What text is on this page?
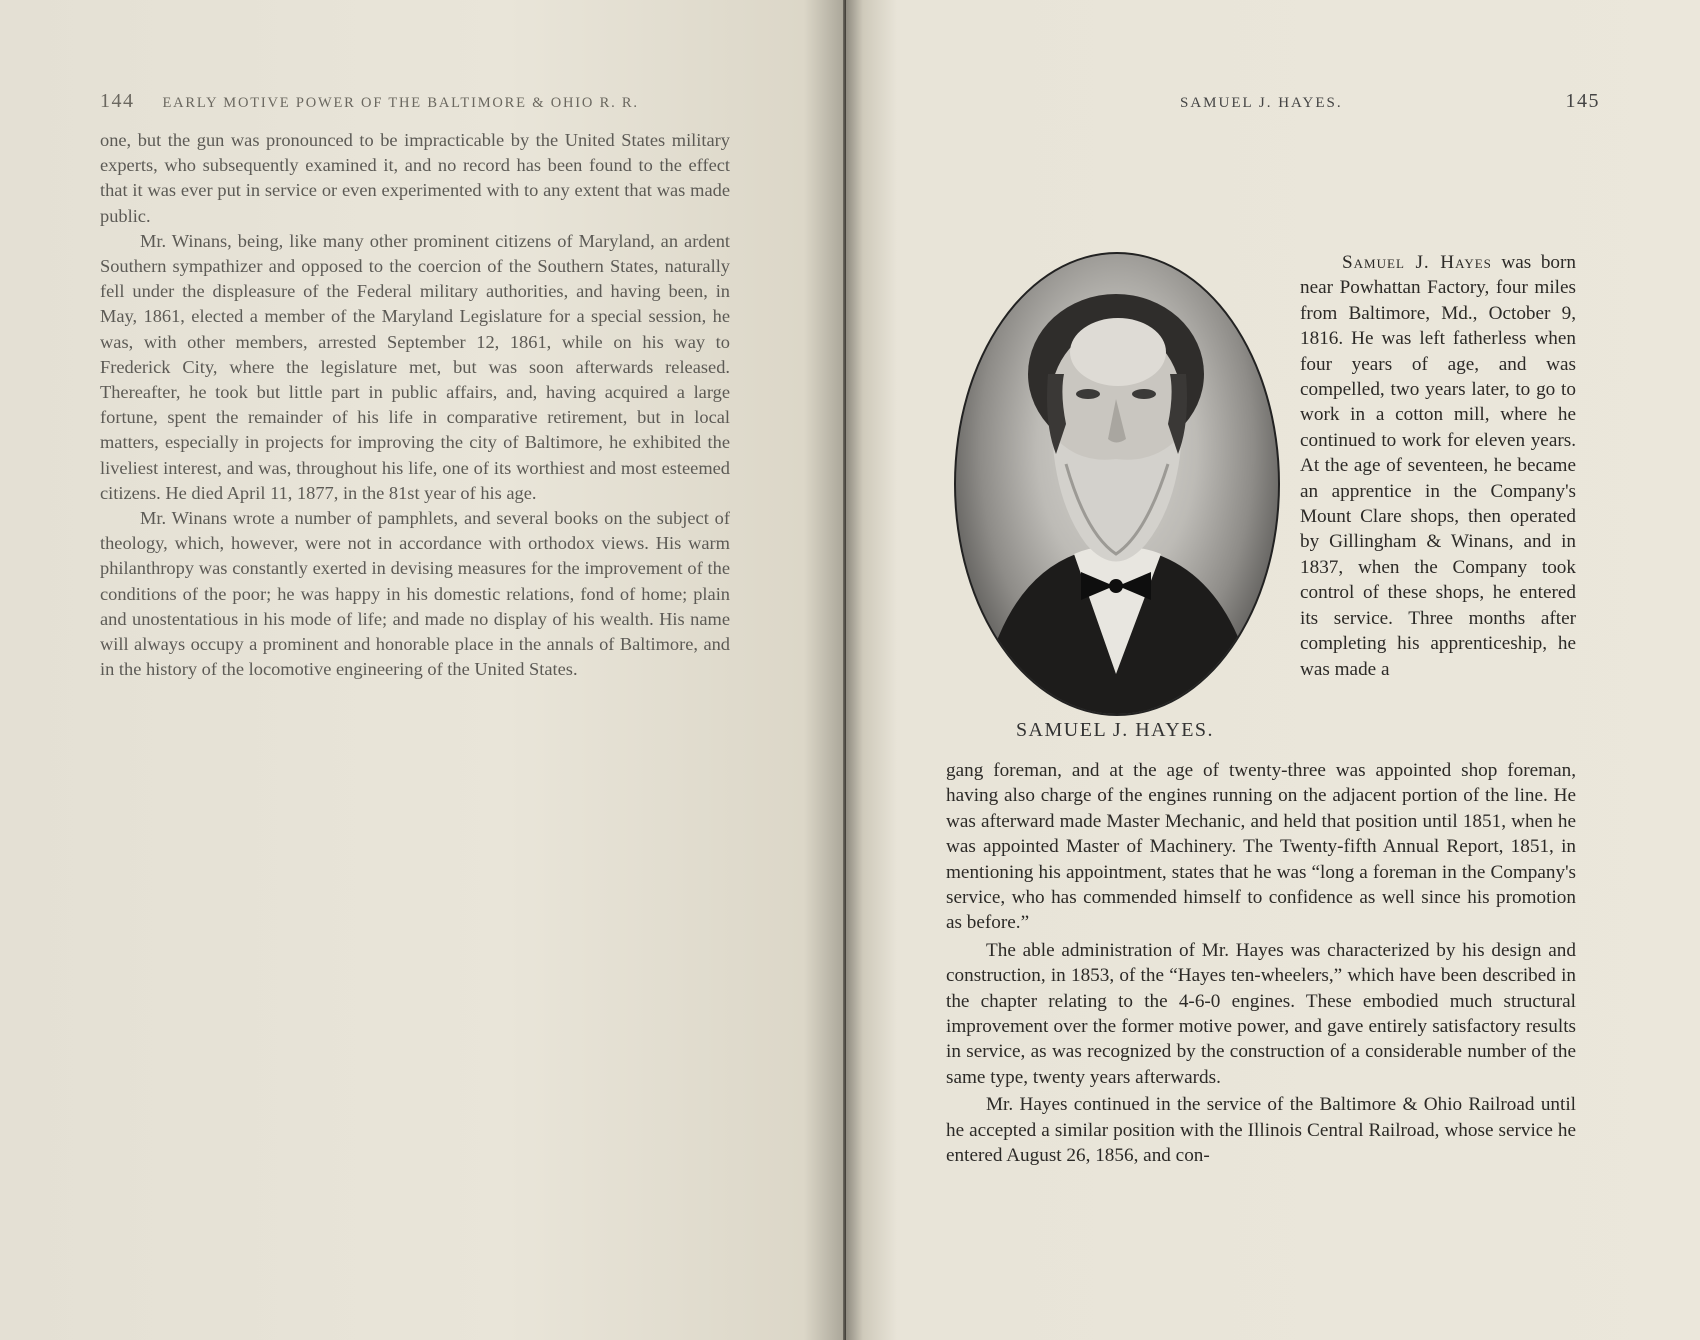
144 EARLY MOTIVE POWER OF THE BALTIMORE & OHIO R. R.

one, but the gun was pronounced to be impracticable by the United States military experts, who subsequently examined it, and no record has been found to the effect that it was ever put in service or even experimented with to any extent that was made public.

Mr. Winans, being, like many other prominent citizens of Maryland, an ardent Southern sympathizer and opposed to the coercion of the Southern States, naturally fell under the displeasure of the Federal military authorities, and having been, in May, 1861, elected a member of the Maryland Legislature for a special session, he was, with other members, arrested September 12, 1861, while on his way to Frederick City, where the legislature met, but was soon afterwards released. Thereafter, he took but little part in public affairs, and, having acquired a large fortune, spent the remainder of his life in comparative retirement, but in local matters, especially in projects for improving the city of Baltimore, he exhibited the liveliest interest, and was, throughout his life, one of its worthiest and most esteemed citizens. He died April 11, 1877, in the 81st year of his age.

Mr. Winans wrote a number of pamphlets, and several books on the subject of theology, which, however, were not in accordance with orthodox views. His warm philanthropy was constantly exerted in devising measures for the improvement of the conditions of the poor; he was happy in his domestic relations, fond of home; plain and unostentatious in his mode of life; and made no display of his wealth. His name will always occupy a prominent and honorable place in the annals of Baltimore, and in the history of the locomotive engineering of the United States.

SAMUEL J. HAYES.	145
SAMUEL J. HAYES.

Samuel J. Hayes was born near Powhattan Factory, four miles from Baltimore, Md., October 9, 1816. He was left fatherless when four years of age, and was compelled, two years later, to go to work in a cotton mill, where he continued to work for eleven years. At the age of seventeen, he became an apprentice in the Company's Mount Clare shops, then operated by Gillingham & Winans, and in 1837, when the Company took control of these shops, he entered its service. Three months after completing his apprenticeship, he was made a

gang foreman, and at the age of twenty-three was appointed shop foreman, having also charge of the engines running on the adjacent portion of the line. He was afterward made Master Mechanic, and held that position until 1851, when he was appointed Master of Machinery. The Twenty-fifth Annual Report, 1851, in mentioning his appointment, states that he was “long a foreman in the Company's service, who has commended himself to confidence as well since his promotion as before.”

The able administration of Mr. Hayes was characterized by his design and construction, in 1853, of the “Hayes ten-wheelers,” which have been described in the chapter relating to the 4-6-0 engines. These embodied much structural improvement over the former motive power, and gave entirely satisfactory results in service, as was recognized by the construction of a considerable number of the same type, twenty years afterwards.

Mr. Hayes continued in the service of the Baltimore & Ohio Railroad until he accepted a similar position with the Illinois Central Railroad, whose service he entered August 26, 1856, and con-
